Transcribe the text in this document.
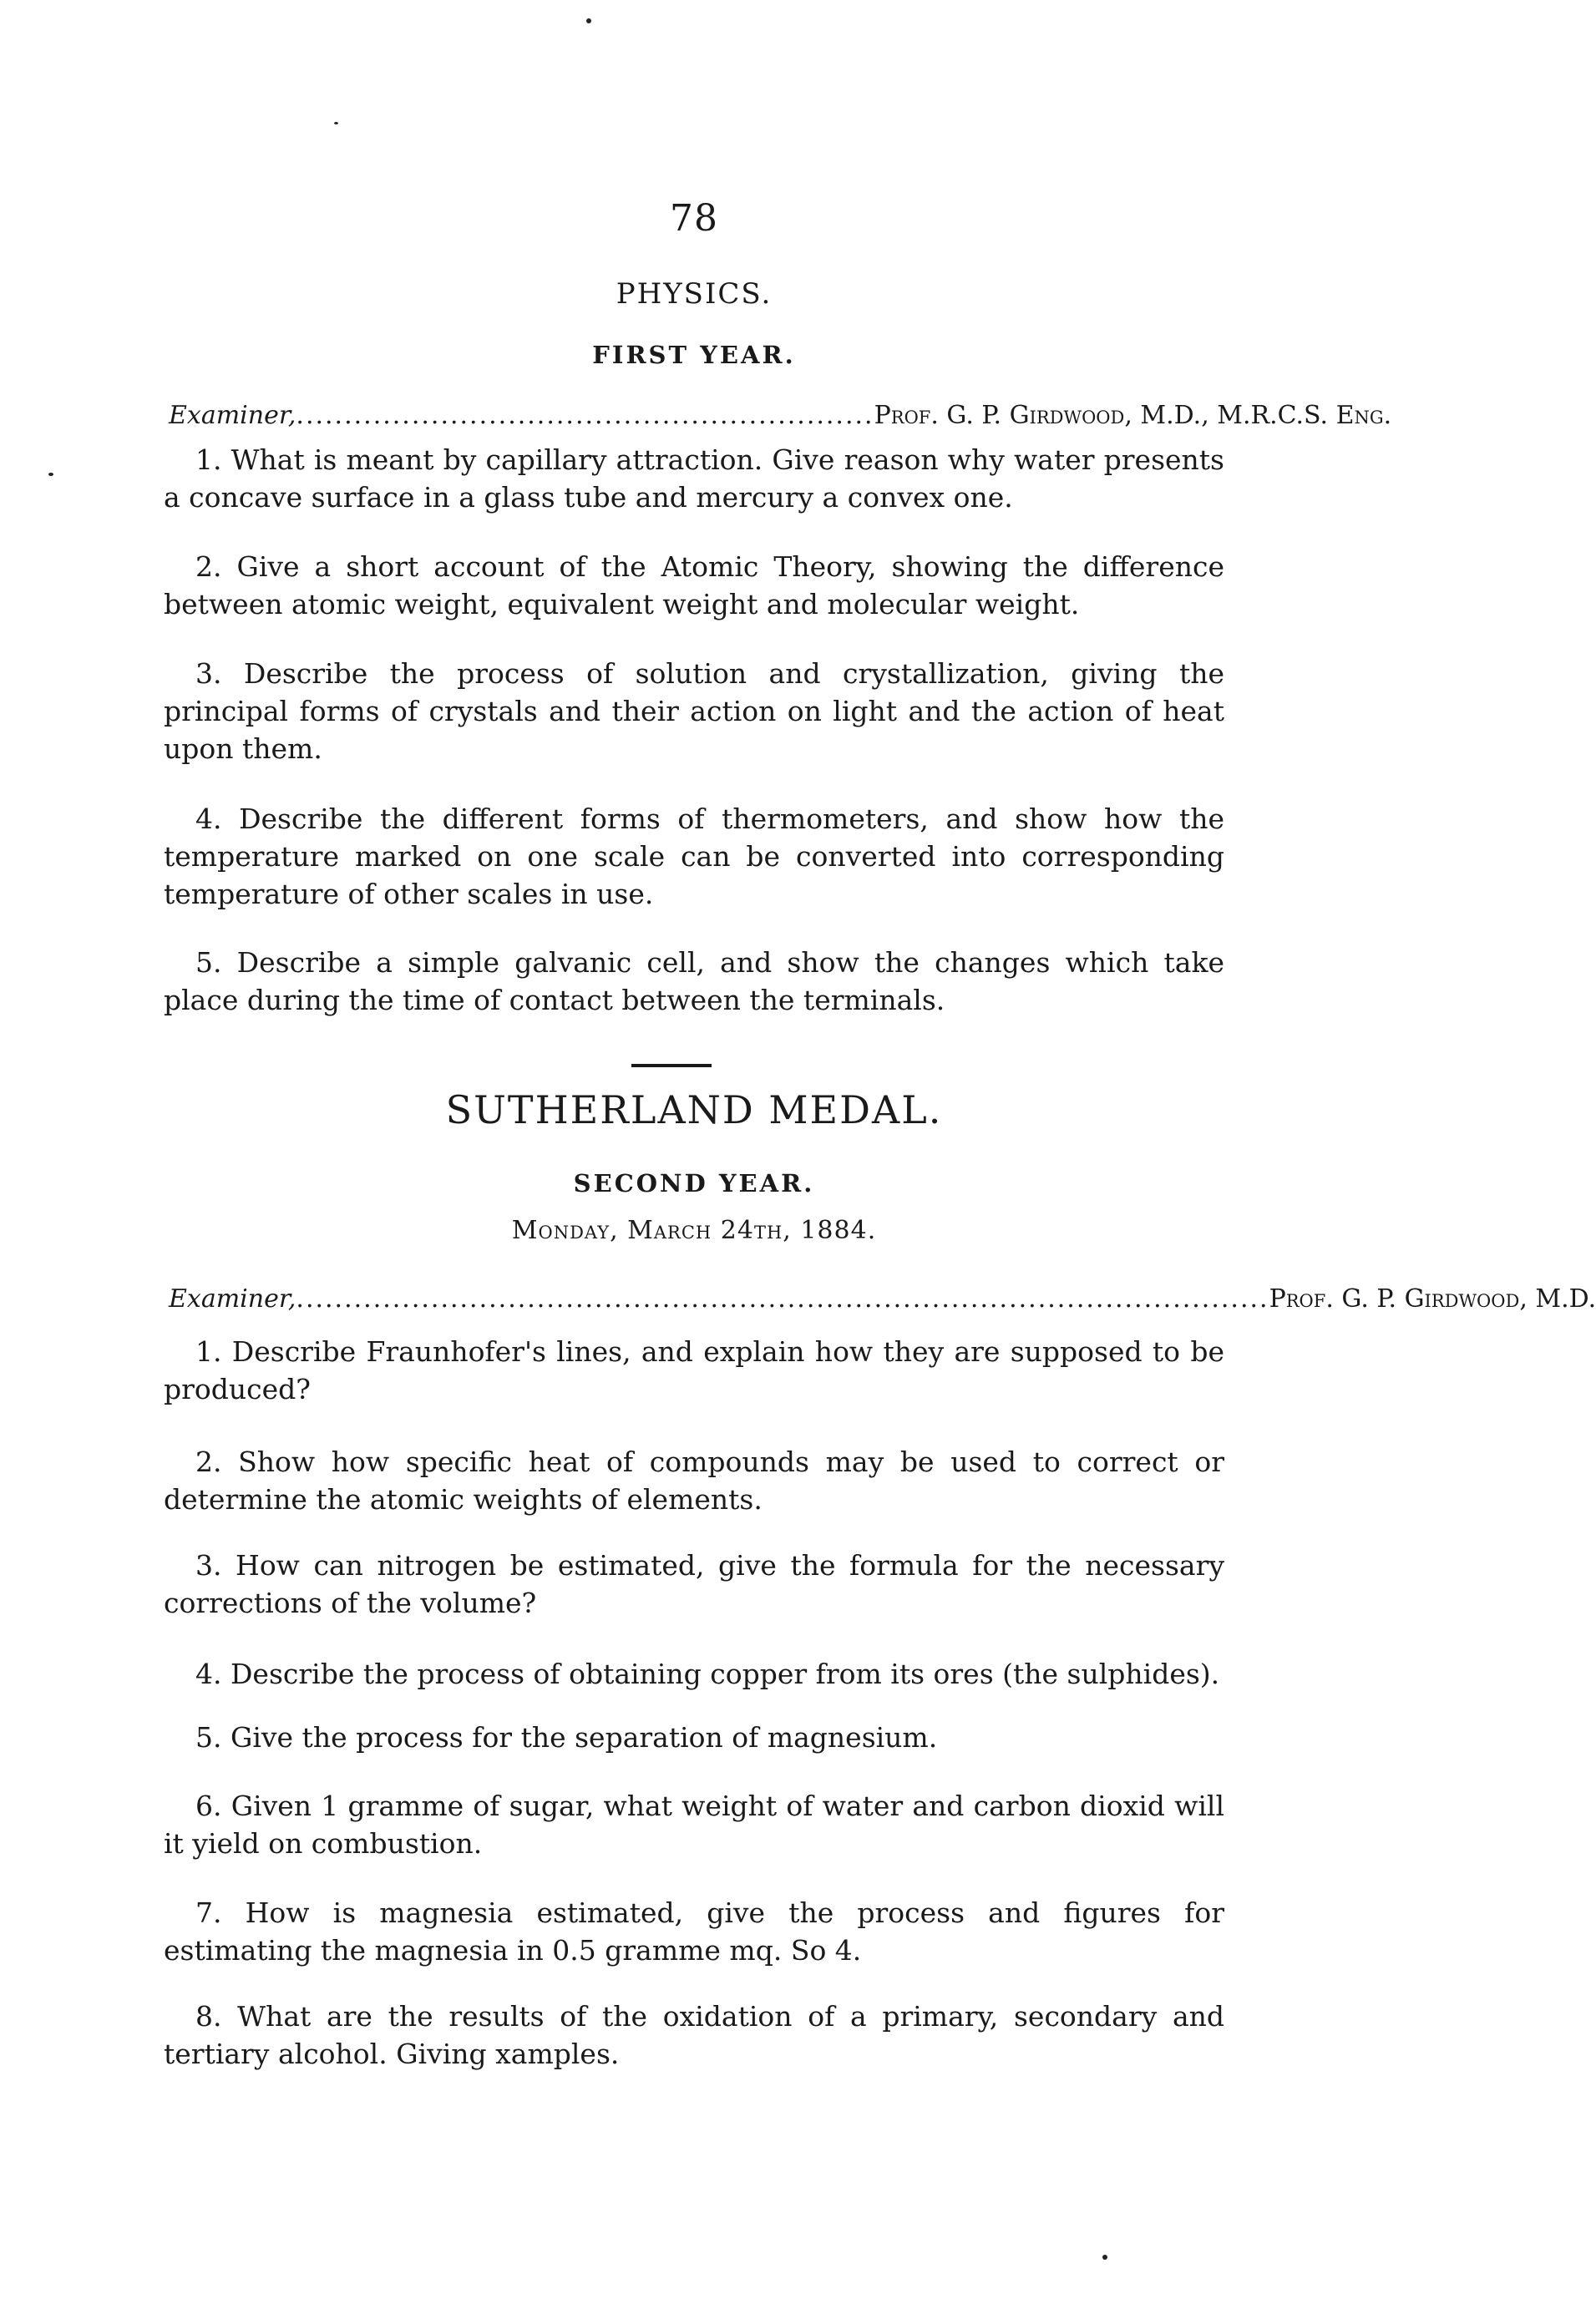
78
PHYSICS.
FIRST YEAR.
Examiner, ............................................................ Prof. G. P. Girdwood, M.D., M.R.C.S. Eng.

1. What is meant by capillary attraction. Give reason why water presents a concave surface in a glass tube and mercury a convex one.

2. Give a short account of the Atomic Theory, showing the difference between atomic weight, equivalent weight and molecular weight.

3. Describe the process of solution and crystallization, giving the principal forms of crystals and their action on light and the action of heat upon them.

4. Describe the different forms of thermometers, and show how the temperature marked on one scale can be converted into corresponding temperature of other scales in use.

5. Describe a simple galvanic cell, and show the changes which take place during the time of contact between the terminals.

SUTHERLAND MEDAL.
SECOND YEAR.
Monday, March 24th, 1884.
Examiner, ..................................................................................................... Prof. G. P. Girdwood, M.D.

1. Describe Fraunhofer's lines, and explain how they are supposed to be produced?

2. Show how specific heat of compounds may be used to correct or determine the atomic weights of elements.

3. How can nitrogen be estimated, give the formula for the necessary corrections of the volume?

4. Describe the process of obtaining copper from its ores (the sulphides).

5. Give the process for the separation of magnesium.

6. Given 1 gramme of sugar, what weight of water and carbon dioxid will it yield on combustion.

7. How is magnesia estimated, give the process and figures for estimating the magnesia in 0.5 gramme mq. So 4.

8. What are the results of the oxidation of a primary, secondary and tertiary alcohol. Giving xamples.
